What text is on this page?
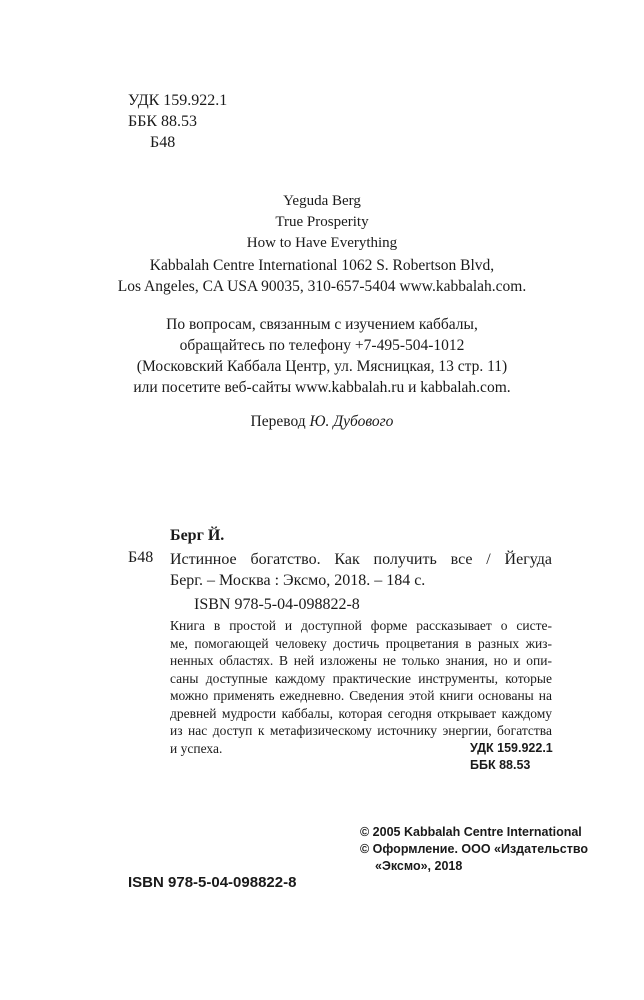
УДК 159.922.1
ББК 88.53
Б48
Yeguda Berg
True Prosperity
How to Have Everything
Kabbalah Centre International 1062 S. Robertson Blvd,
Los Angeles, CA USA 90035, 310-657-5404 www.kabbalah.com.
По вопросам, связанным с изучением каббалы,
обращайтесь по телефону +7-495-504-1012
(Московский Каббала Центр, ул. Мясницкая, 13 стр. 11)
или посетите веб-сайты www.kabbalah.ru и kabbalah.com.
Перевод Ю. Дубового
Берг Й.
Б48 Истинное богатство. Как получить все / Йегуда
Берг. – Москва : Эксмо, 2018. – 184 с.
ISBN 978-5-04-098822-8
Книга в простой и доступной форме рассказывает о систе-
ме, помогающей человеку достичь процветания в разных жиз-
ненных областях. В ней изложены не только знания, но и опи-
саны доступные каждому практические инструменты, которые
можно применять ежедневно. Сведения этой книги основаны на
древней мудрости каббалы, которая сегодня открывает каждому
из нас доступ к метафизическому источнику энергии, богатства
и успеха.	УДК 159.922.1
ББК 88.53
© 2005 Kabbalah Centre International
© Оформление. ООО «Издательство
«Эксмо», 2018
ISBN 978-5-04-098822-8
